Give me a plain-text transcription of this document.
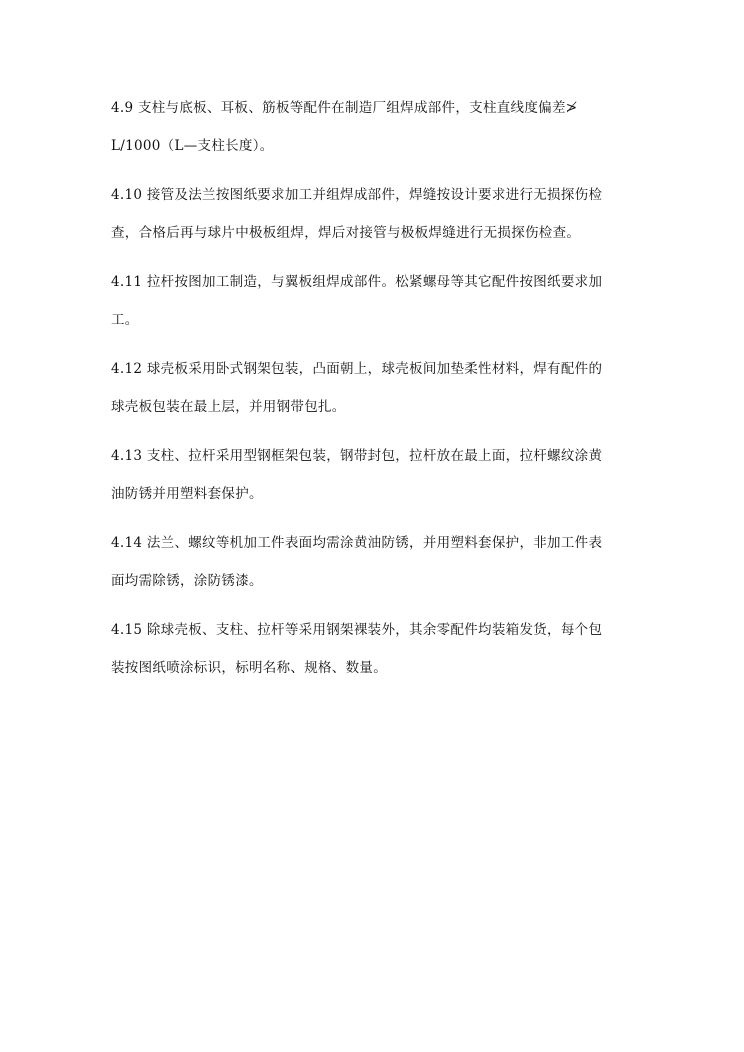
4.9 支柱与底板、耳板、筋板等配件在制造厂组焊成部件，支柱直线度偏差≯
L/1000（L—支柱长度）。
4.10 接管及法兰按图纸要求加工并组焊成部件，焊缝按设计要求进行无损探伤检
查，合格后再与球片中极板组焊，焊后对接管与极板焊缝进行无损探伤检查。
4.11 拉杆按图加工制造，与翼板组焊成部件。松紧螺母等其它配件按图纸要求加
工。
4.12 球壳板采用卧式钢架包装，凸面朝上，球壳板间加垫柔性材料，焊有配件的
球壳板包装在最上层，并用钢带包扎。
4.13 支柱、拉杆采用型钢框架包装，钢带封包，拉杆放在最上面，拉杆螺纹涂黄
油防锈并用塑料套保护。
4.14 法兰、螺纹等机加工件表面均需涂黄油防锈，并用塑料套保护，非加工件表
面均需除锈，涂防锈漆。
4.15 除球壳板、支柱、拉杆等采用钢架裸装外，其余零配件均装箱发货，每个包
装按图纸喷涂标识，标明名称、规格、数量。
